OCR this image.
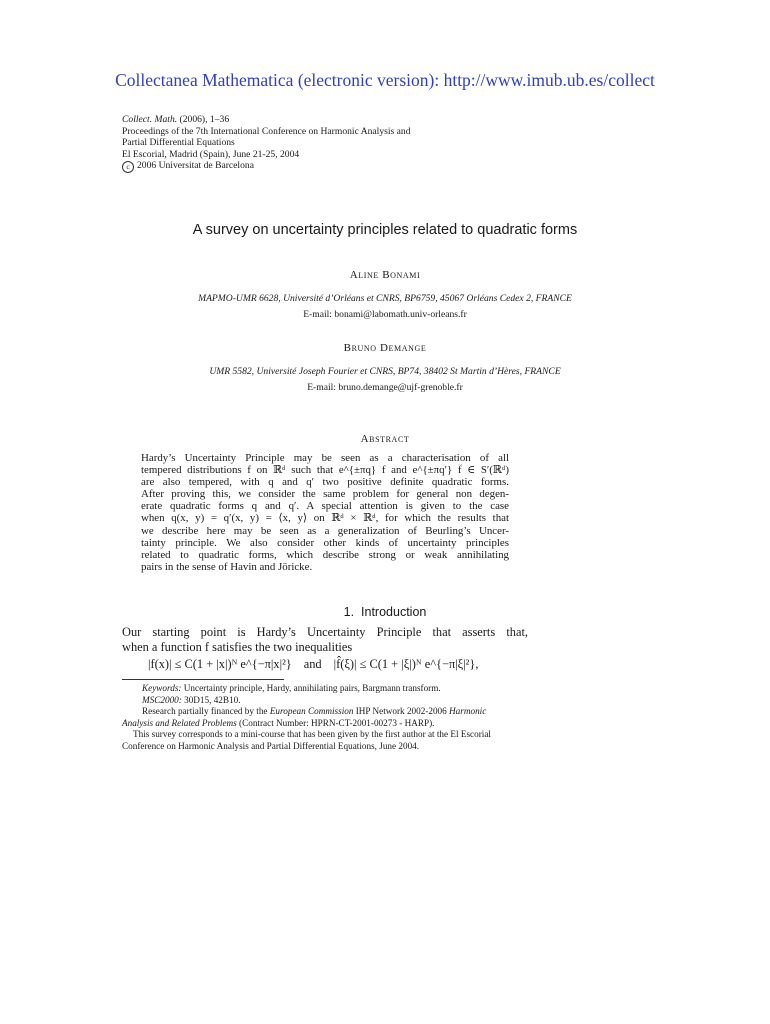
Collectanea Mathematica (electronic version): http://www.imub.ub.es/collect
Collect. Math. (2006), 1–36
Proceedings of the 7th International Conference on Harmonic Analysis and
Partial Differential Equations
El Escorial, Madrid (Spain), June 21-25, 2004
c 2006 Universitat de Barcelona
A survey on uncertainty principles related to quadratic forms
Aline Bonami
MAPMO-UMR 6628, Université d’Orléans et CNRS, BP6759, 45067 Orléans Cedex 2, FRANCE
E-mail: bonami@labomath.univ-orleans.fr
Bruno Demange
UMR 5582, Université Joseph Fourier et CNRS, BP74, 38402 St Martin d’Hères, FRANCE
E-mail: bruno.demange@ujf-grenoble.fr
Abstract
Hardy’s Uncertainty Principle may be seen as a characterisation of all
tempered distributions f on ℝᵈ such that e^{±πq} f and e^{±πq′} f̂ ∈ S′(ℝᵈ)
are also tempered, with q and q′ two positive definite quadratic forms.
After proving this, we consider the same problem for general non degen-
erate quadratic forms q and q′. A special attention is given to the case
when q(x, y) = q′(x, y) = ⟨x, y⟩ on ℝᵈ × ℝᵈ, for which the results that
we describe here may be seen as a generalization of Beurling’s Uncer-
tainty principle. We also consider other kinds of uncertainty principles
related to quadratic forms, which describe strong or weak annihilating
pairs in the sense of Havin and Jöricke.
1. Introduction
Our starting point is Hardy’s Uncertainty Principle that asserts that,
when a function f satisfies the two inequalities
|f(x)| ≤ C(1 + |x|)ᴺ e^{−π|x|²} and |f̂(ξ)| ≤ C(1 + |ξ|)ᴺ e^{−π|ξ|²},
Keywords: Uncertainty principle, Hardy, annihilating pairs, Bargmann transform.
MSC2000: 30D15, 42B10.
Research partially financed by the European Commission IHP Network 2002-2006 Harmonic
Analysis and Related Problems (Contract Number: HPRN-CT-2001-00273 - HARP).
This survey corresponds to a mini-course that has been given by the first author at the El Escorial
Conference on Harmonic Analysis and Partial Differential Equations, June 2004.
